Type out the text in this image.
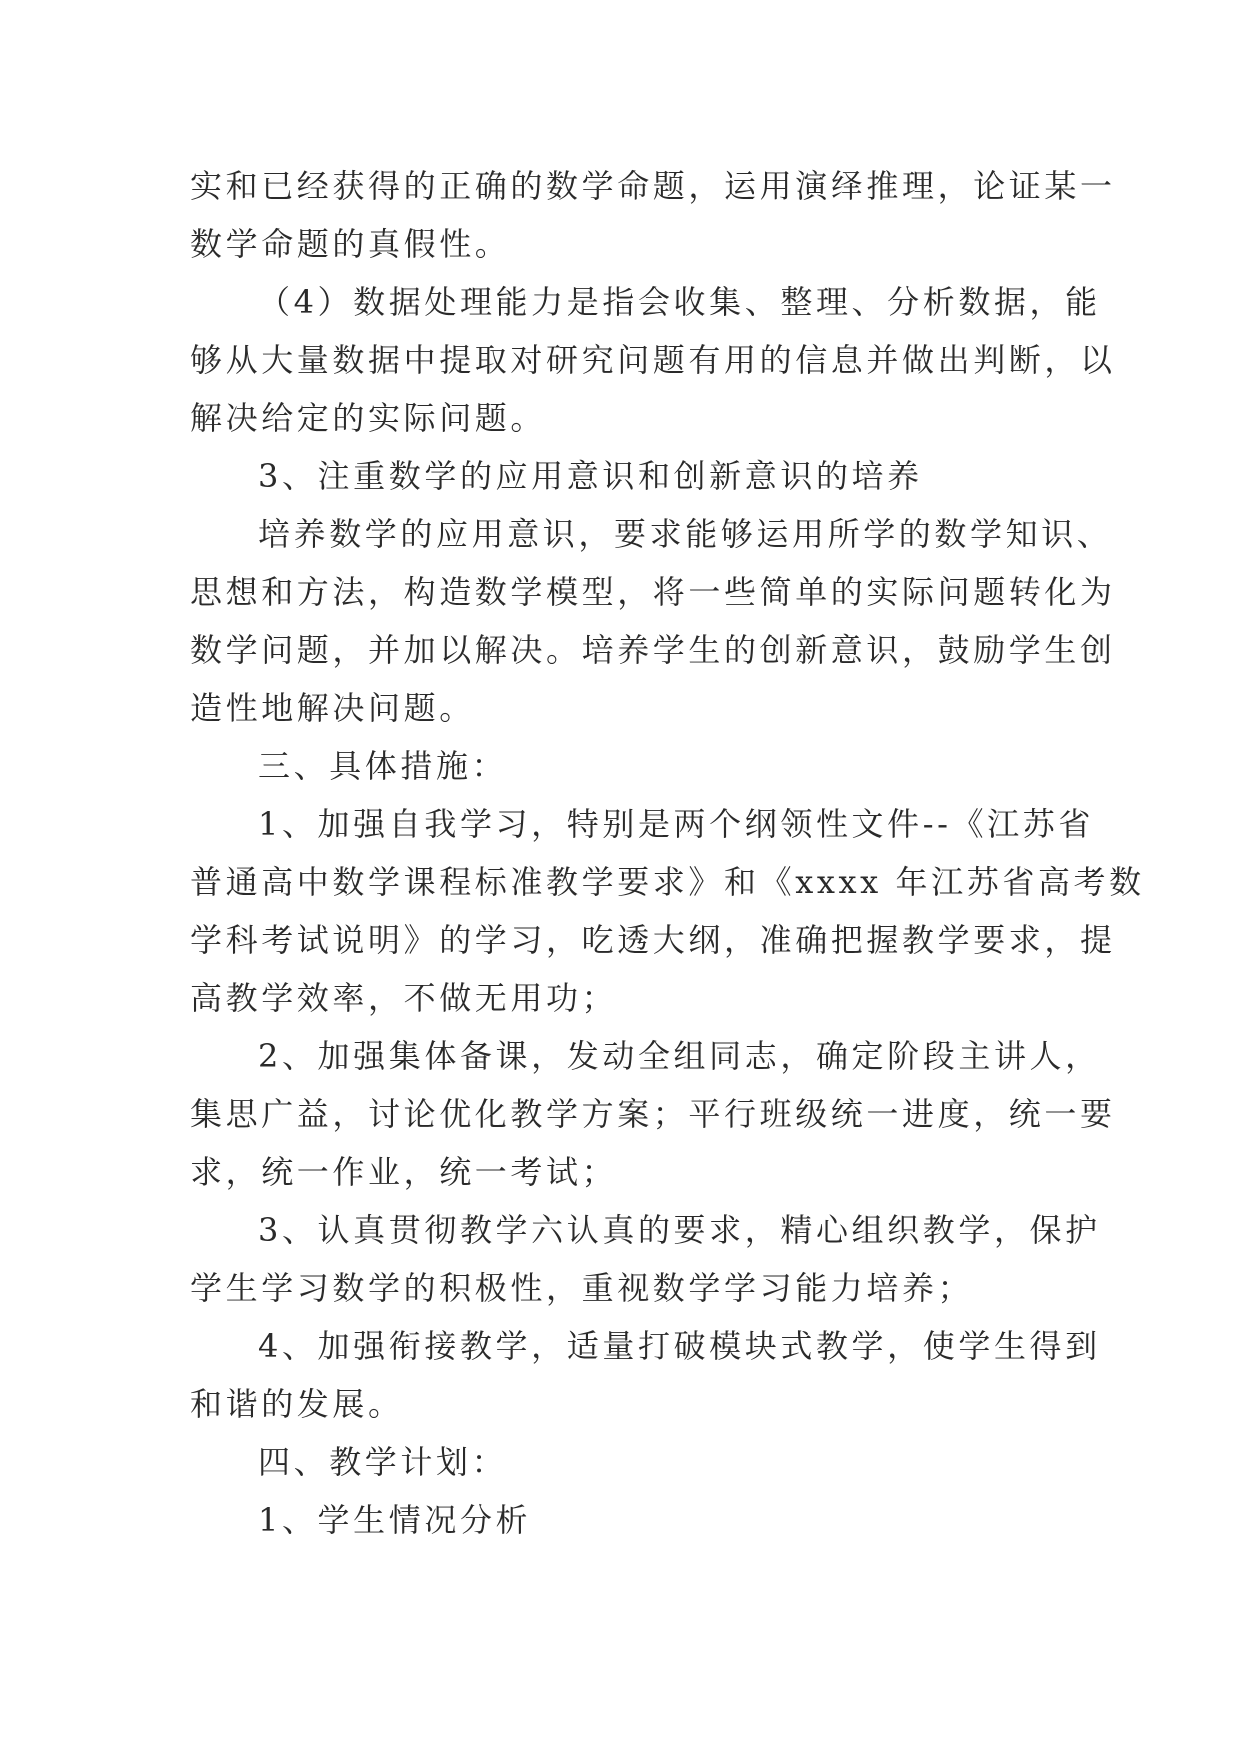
实和已经获得的正确的数学命题，运用演绎推理，论证某一
数学命题的真假性。
（4）数据处理能力是指会收集、整理、分析数据，能
够从大量数据中提取对研究问题有用的信息并做出判断，以
解决给定的实际问题。
3、注重数学的应用意识和创新意识的培养
培养数学的应用意识，要求能够运用所学的数学知识、
思想和方法，构造数学模型，将一些简单的实际问题转化为
数学问题，并加以解决。培养学生的创新意识，鼓励学生创
造性地解决问题。
三、具体措施：
1、加强自我学习，特别是两个纲领性文件--《江苏省
普通高中数学课程标准教学要求》和《xxxx 年江苏省高考数
学科考试说明》的学习，吃透大纲，准确把握教学要求，提
高教学效率，不做无用功；
2、加强集体备课，发动全组同志，确定阶段主讲人，
集思广益，讨论优化教学方案；平行班级统一进度，统一要
求，统一作业，统一考试；
3、认真贯彻教学六认真的要求，精心组织教学，保护
学生学习数学的积极性，重视数学学习能力培养；
4、加强衔接教学，适量打破模块式教学，使学生得到
和谐的发展。
四、教学计划：
1、学生情况分析
